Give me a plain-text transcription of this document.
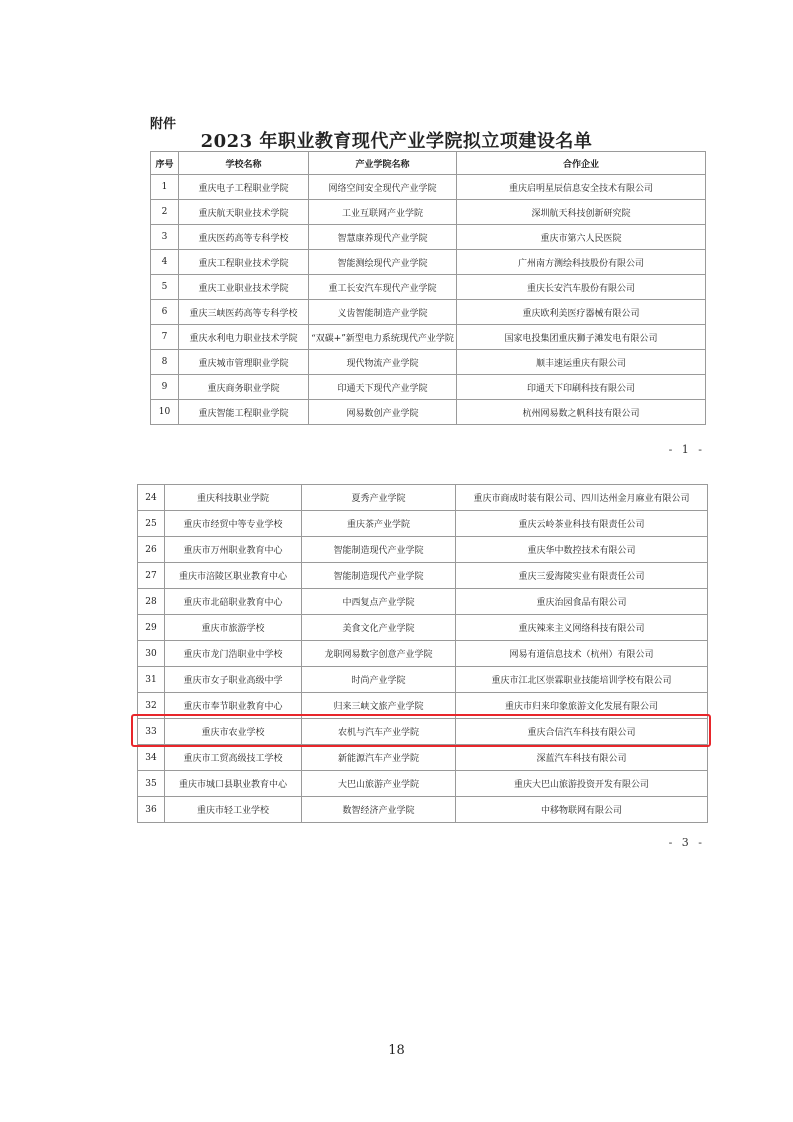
附件
2023 年职业教育现代产业学院拟立项建设名单
序号	学校名称	产业学院名称	合作企业
1	重庆电子工程职业学院	网络空间安全现代产业学院	重庆启明星辰信息安全技术有限公司
2	重庆航天职业技术学院	工业互联网产业学院	深圳航天科技创新研究院
3	重庆医药高等专科学校	智慧康养现代产业学院	重庆市第六人民医院
4	重庆工程职业技术学院	智能测绘现代产业学院	广州南方测绘科技股份有限公司
5	重庆工业职业技术学院	重工长安汽车现代产业学院	重庆长安汽车股份有限公司
6	重庆三峡医药高等专科学校	义齿智能制造产业学院	重庆欧利美医疗器械有限公司
7	重庆水利电力职业技术学院	“双碳+”新型电力系统现代产业学院	国家电投集团重庆狮子滩发电有限公司
8	重庆城市管理职业学院	现代物流产业学院	顺丰速运重庆有限公司
9	重庆商务职业学院	印通天下现代产业学院	印通天下印刷科技有限公司
10	重庆智能工程职业学院	网易数创产业学院	杭州网易数之帆科技有限公司
- 1 -
24	重庆科技职业学院	夏秀产业学院	重庆市商成时装有限公司、四川达州金月麻业有限公司
25	重庆市经贸中等专业学校	重庆茶产业学院	重庆云岭茶业科技有限责任公司
26	重庆市万州职业教育中心	智能制造现代产业学院	重庆华中数控技术有限公司
27	重庆市涪陵区职业教育中心	智能制造现代产业学院	重庆三爱海陵实业有限责任公司
28	重庆市北碚职业教育中心	中西复点产业学院	重庆治园食品有限公司
29	重庆市旅游学校	美食文化产业学院	重庆辣来主义网络科技有限公司
30	重庆市龙门浩职业中学校	龙职网易数字创意产业学院	网易有道信息技术（杭州）有限公司
31	重庆市女子职业高级中学	时尚产业学院	重庆市江北区崇霖职业技能培训学校有限公司
32	重庆市奉节职业教育中心	归来三峡文旅产业学院	重庆市归来印象旅游文化发展有限公司
33	重庆市农业学校	农机与汽车产业学院	重庆合信汽车科技有限公司
34	重庆市工贸高级技工学校	新能源汽车产业学院	深蓝汽车科技有限公司
35	重庆市城口县职业教育中心	大巴山旅游产业学院	重庆大巴山旅游投资开发有限公司
36	重庆市轻工业学校	数智经济产业学院	中移物联网有限公司
- 3 -
18
